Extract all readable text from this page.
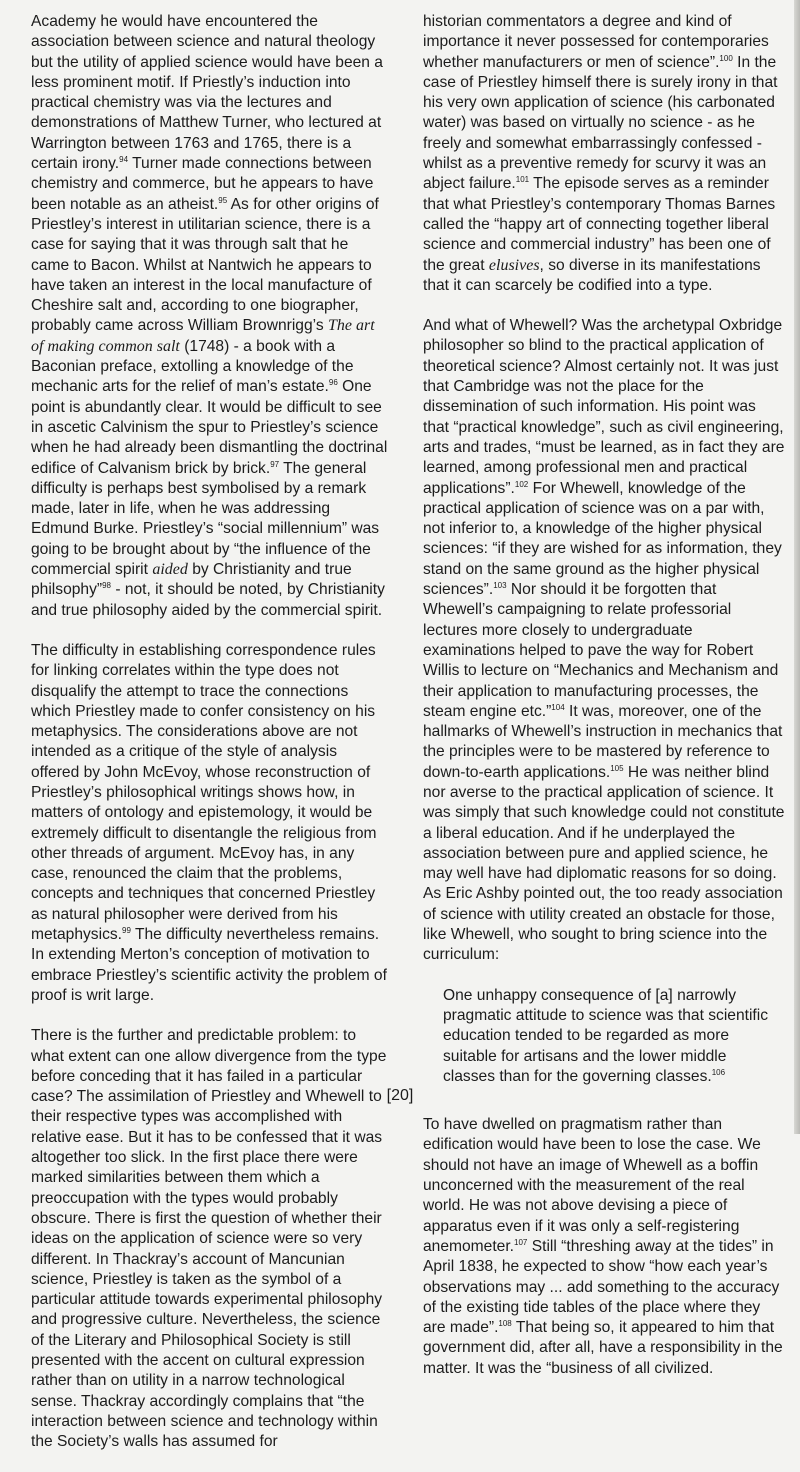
Academy he would have encountered the association between science and natural theology but the utility of applied science would have been a less prominent motif. If Priestly’s induction into practical chemistry was via the lectures and demonstrations of Matthew Turner, who lectured at Warrington between 1763 and 1765, there is a certain irony.$^{94}$ Turner made connections between chemistry and commerce, but he appears to have been notable as an atheist.$^{95}$ As for other origins of Priestley’s interest in utilitarian science, there is a case for saying that it was through salt that he came to Bacon. Whilst at Nantwich he appears to have taken an interest in the local manufacture of Cheshire salt and, according to one biographer, probably came across William Brownrigg’s The art of making common salt (1748) - a book with a Baconian preface, extolling a knowledge of the mechanic arts for the relief of man’s estate.$^{96}$ One point is abundantly clear. It would be difficult to see in ascetic Calvinism the spur to Priestley’s science when he had already been dismantling the doctrinal edifice of Calvanism brick by brick.$^{97}$ The general difficulty is perhaps best symbolised by a remark made, later in life, when he was addressing Edmund Burke. Priestley’s “social millennium” was going to be brought about by “the influence of the commercial spirit aided by Christianity and true philsophy”$^{98}$ - not, it should be noted, by Christianity and true philosophy aided by the commercial spirit.

The difficulty in establishing correspondence rules for linking correlates within the type does not disqualify the attempt to trace the connections which Priestley made to confer consistency on his metaphysics. The considerations above are not intended as a critique of the style of analysis offered by John McEvoy, whose reconstruction of Priestley’s philosophical writings shows how, in matters of ontology and epistemology, it would be extremely difficult to disentangle the religious from other threads of argument. McEvoy has, in any case, renounced the claim that the problems, concepts and techniques that concerned Priestley as natural philosopher were derived from his metaphysics.$^{99}$ The difficulty nevertheless remains. In extending Merton’s conception of motivation to embrace Priestley’s scientific activity the problem of proof is writ large.

There is the further and predictable problem: to what extent can one allow divergence from the type before conceding that it has failed in a particular case? The assimilation of Priestley and Whewell to their respective types was accomplished with relative ease. But it has to be confessed that it was altogether too slick. In the first place there were marked similarities between them which a preoccupation with the types would probably obscure. There is first the question of whether their ideas on the application of science were so very different. In Thackray’s account of Mancunian science, Priestley is taken as the symbol of a particular attitude towards experimental philosophy and progressive culture. Nevertheless, the science of the Literary and Philosophical Society is still presented with the accent on cultural expression rather than on utility in a narrow technological sense. Thackray accordingly complains that “the interaction between science and technology within the Society’s walls has assumed for

historian commentators a degree and kind of importance it never possessed for contemporaries whether manufacturers or men of science”.$^{100}$ In the case of Priestley himself there is surely irony in that his very own application of science (his carbonated water) was based on virtually no science - as he freely and somewhat embarrassingly confessed - whilst as a preventive remedy for scurvy it was an abject failure.$^{101}$ The episode serves as a reminder that what Priestley’s contemporary Thomas Barnes called the “happy art of connecting together liberal science and commercial industry” has been one of the great elusives, so diverse in its manifestations that it can scarcely be codified into a type.

And what of Whewell? Was the archetypal Oxbridge philosopher so blind to the practical application of theoretical science? Almost certainly not. It was just that Cambridge was not the place for the dissemination of such information. His point was that “practical knowledge”, such as civil engineering, arts and trades, “must be learned, as in fact they are learned, among professional men and practical applications”.$^{102}$ For Whewell, knowledge of the practical application of science was on a par with, not inferior to, a knowledge of the higher physical sciences: “if they are wished for as information, they stand on the same ground as the higher physical sciences”.$^{103}$ Nor should it be forgotten that Whewell’s campaigning to relate professorial lectures more closely to undergraduate examinations helped to pave the way for Robert Willis to lecture on “Mechanics and Mechanism and their application to manufacturing processes, the steam engine etc.”$^{104}$ It was, moreover, one of the hallmarks of Whewell’s instruction in mechanics that the principles were to be mastered by reference to down-to-earth applications.$^{105}$ He was neither blind nor averse to the practical application of science. It was simply that such knowledge could not constitute a liberal education. And if he underplayed the association between pure and applied science, he may well have had diplomatic reasons for so doing. As Eric Ashby pointed out, the too ready association of science with utility created an obstacle for those, like Whewell, who sought to bring science into the curriculum:

One unhappy consequence of [a] narrowly pragmatic attitude to science was that scientific education tended to be regarded as more suitable for artisans and the lower middle classes than for the governing classes.$^{106}$

To have dwelled on pragmatism rather than edification would have been to lose the case. We should not have an image of Whewell as a boffin unconcerned with the measurement of the real world. He was not above devising a piece of apparatus even if it was only a self-registering anemometer.$^{107}$ Still “threshing away at the tides” in April 1838, he expected to show “how each year’s observations may ... add something to the accuracy of the existing tide tables of the place where they are made”.$^{108}$ That being so, it appeared to him that government did, after all, have a responsibility in the matter. It was the “business of all civilized.

[20]
